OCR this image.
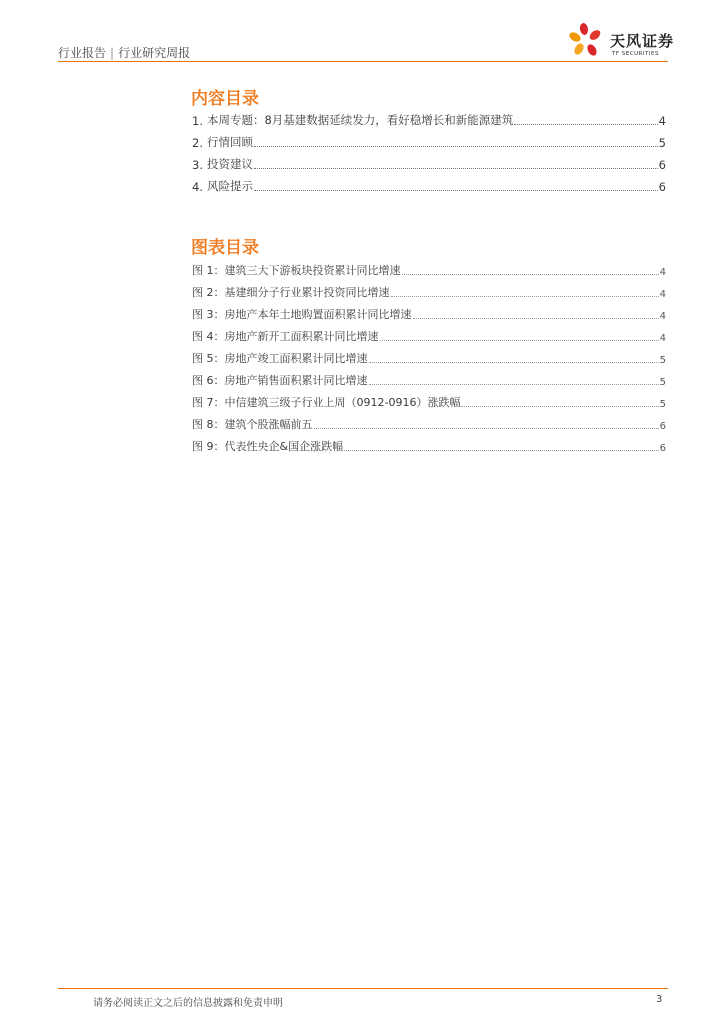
行业报告 | 行业研究周报
天风证券
TF SECURITIES
内容目录
1. 本周专题：8月基建数据延续发力，看好稳增长和新能源建筑	4
2. 行情回顾	5
3. 投资建议	6
4. 风险提示	6
图表目录
图 1：建筑三大下游板块投资累计同比增速	4
图 2：基建细分子行业累计投资同比增速	4
图 3：房地产本年土地购置面积累计同比增速	4
图 4：房地产新开工面积累计同比增速	4
图 5：房地产竣工面积累计同比增速	5
图 6：房地产销售面积累计同比增速	5
图 7：中信建筑三级子行业上周（0912-0916）涨跌幅	5
图 8：建筑个股涨幅前五	6
图 9：代表性央企&国企涨跌幅	6
请务必阅读正文之后的信息披露和免责申明	3
